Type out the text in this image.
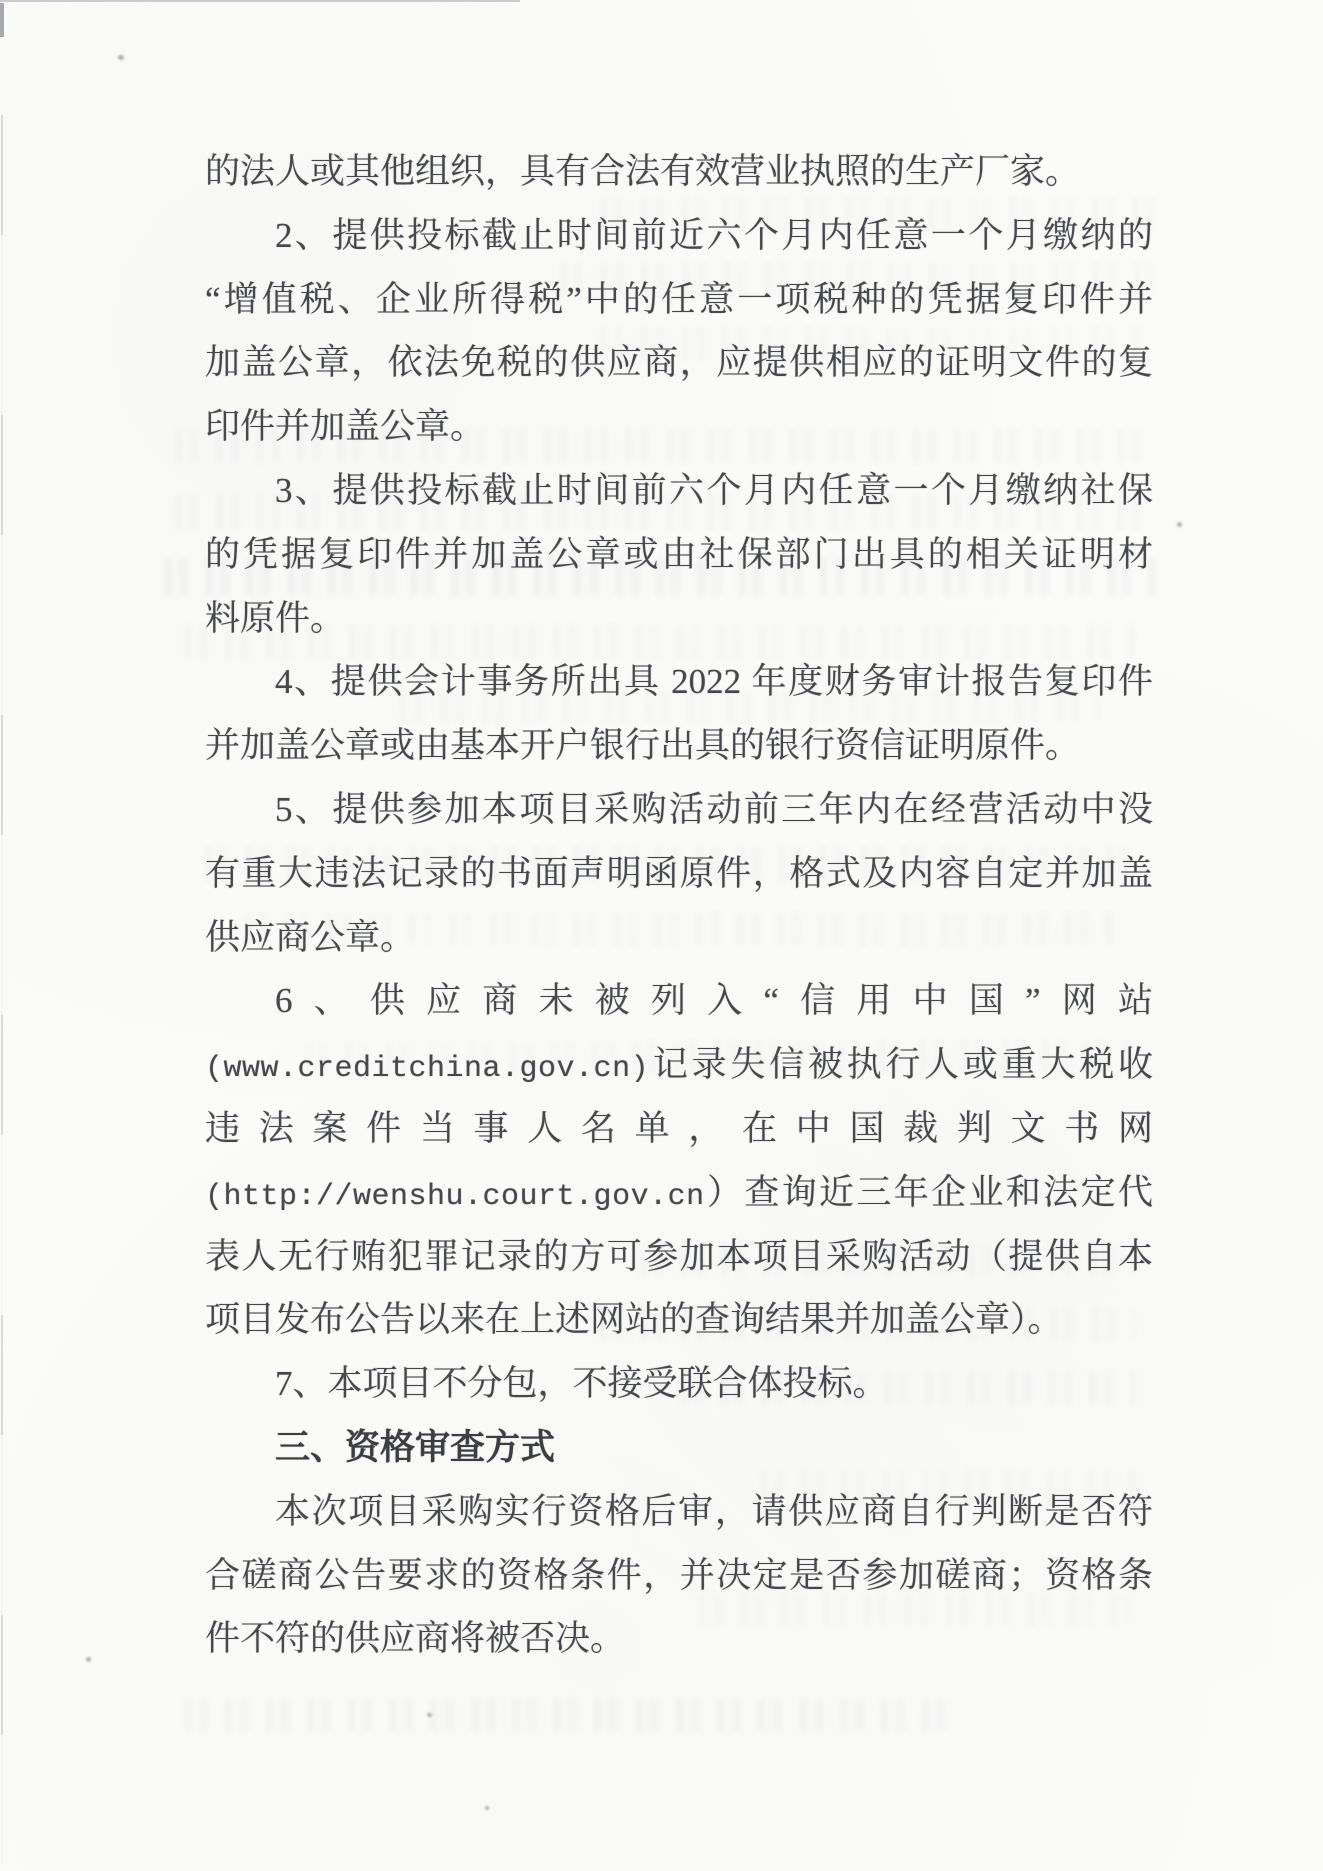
的法人或其他组织，具有合法有效营业执照的生产厂家。
2、提供投标截止时间前近六个月内任意一个月缴纳的
“增值税、企业所得税”中的任意一项税种的凭据复印件并
加盖公章，依法免税的供应商，应提供相应的证明文件的复
印件并加盖公章。
3、提供投标截止时间前六个月内任意一个月缴纳社保
的凭据复印件并加盖公章或由社保部门出具的相关证明材
料原件。
4、提供会计事务所出具 2022 年度财务审计报告复印件
并加盖公章或由基本开户银行出具的银行资信证明原件。
5、提供参加本项目采购活动前三年内在经营活动中没
有重大违法记录的书面声明函原件，格式及内容自定并加盖
供应商公章。
6、供应商未被列入“信用中国”网站
(www.creditchina.gov.cn)记录失信被执行人或重大税收
违法案件当事人名单，在中国裁判文书网
(http://wenshu.court.gov.cn）查询近三年企业和法定代
表人无行贿犯罪记录的方可参加本项目采购活动（提供自本
项目发布公告以来在上述网站的查询结果并加盖公章）。
7、本项目不分包，不接受联合体投标。
三、资格审查方式
本次项目采购实行资格后审，请供应商自行判断是否符
合磋商公告要求的资格条件，并决定是否参加磋商；资格条
件不符的供应商将被否决。
